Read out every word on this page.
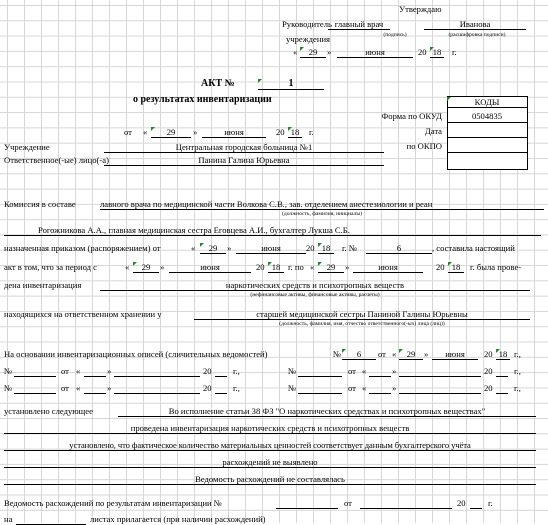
Утверждаю
Руководитель главный врач	Иванова
учреждения	(подпись)	(расшифровка подписи)
«	29	»	июня	20 18	г.
АКТ №	1
о результатах инвентаризации
от «	29	»	июня	20 18	г.
КОДЫ
Форма по ОКУД	0504835
Дата
по ОКПО
Учреждение	Центральная городская больница №1
Ответственное(-ые) лицо(-а)	Панина Галина Юрьевна
Комиссия в составе	лавного врача по медицинской части Волкова С.В., зав. отделением анестезиологии и реан
(должность, фамилия, инициалы)
Рогожникова А.А., главная медицинская сестра Еговцева А.И., бухгалтер Лукша С.Б.
назначенная приказом (распоряжением) от	«	29	»	июня	20 18	г. №	6	, составила настоящий
акт в том, что за период с	«	29	»	июня	20 18 г. по «	29	»	июня	20 18	г. была прове-
дена инвентаризация	наркотических средств и психотропных веществ
(нефинансовые активы, финансовые активы, расчеты)
находящихся на ответственном хранении у	старшей медицинской сестры Паниной Галины Юрьевны
(должность, фамилия, имя, отчество ответственного(-ых) лица (лиц))
На основании инвентаризационных описей (сличительных ведомостей)	№	6	от «	29	»	июня	20 18 г.,
№	от «	»	20 г.,	№	от «	»	20 г.,
№	от «	»	20 г.,	№	от «	»	20 г.,
установлено следующее	Во исполнение статьи 38 ФЗ "О наркотических средствах и психотропных веществах"
проведена инвентаризация наркотических средств и психотропных веществ
установлено, что фактическое количество материальных ценностей соответствует данным бухгалтерского учёта
расхождений не выявлено
Ведомость расхождений не составлялась
Ведомость расхождений по результатам инвентаризации №	от	20	г.
на	листах прилагается (при наличии расхождений)
